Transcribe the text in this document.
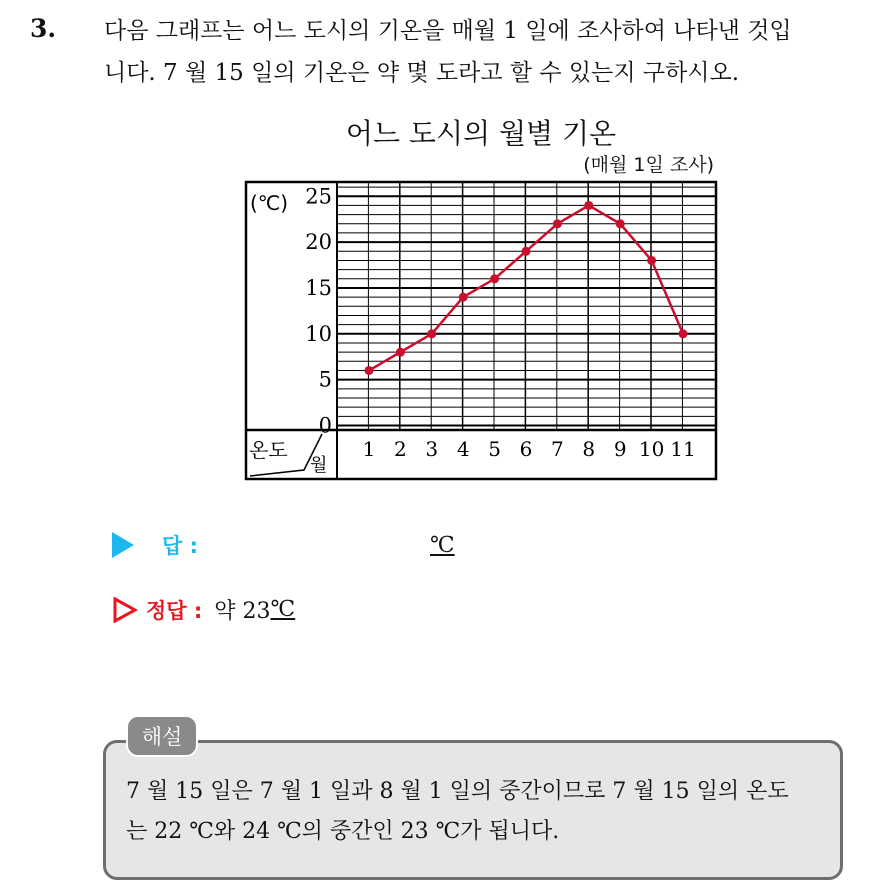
3. 다음 그래프는 어느 도시의 기온을 매월 1 일에 조사하여 나타낸 것입
니다. 7 월 15 일의 기온은 약 몇 도라고 할 수 있는지 구하시오.
어느 도시의 월별 기온
(매월 1일 조사)
(℃)
온도
월
0
5
10
15
20
25
1 2 3 4 5 6 7 8 9 10 11
답 :	℃
정답 : 약 23 ℃
해설
7 월 15 일은 7 월 1 일과 8 월 1 일의 중간이므로 7 월 15 일의 온도
는 22 ℃와 24 ℃의 중간인 23 ℃가 됩니다.
